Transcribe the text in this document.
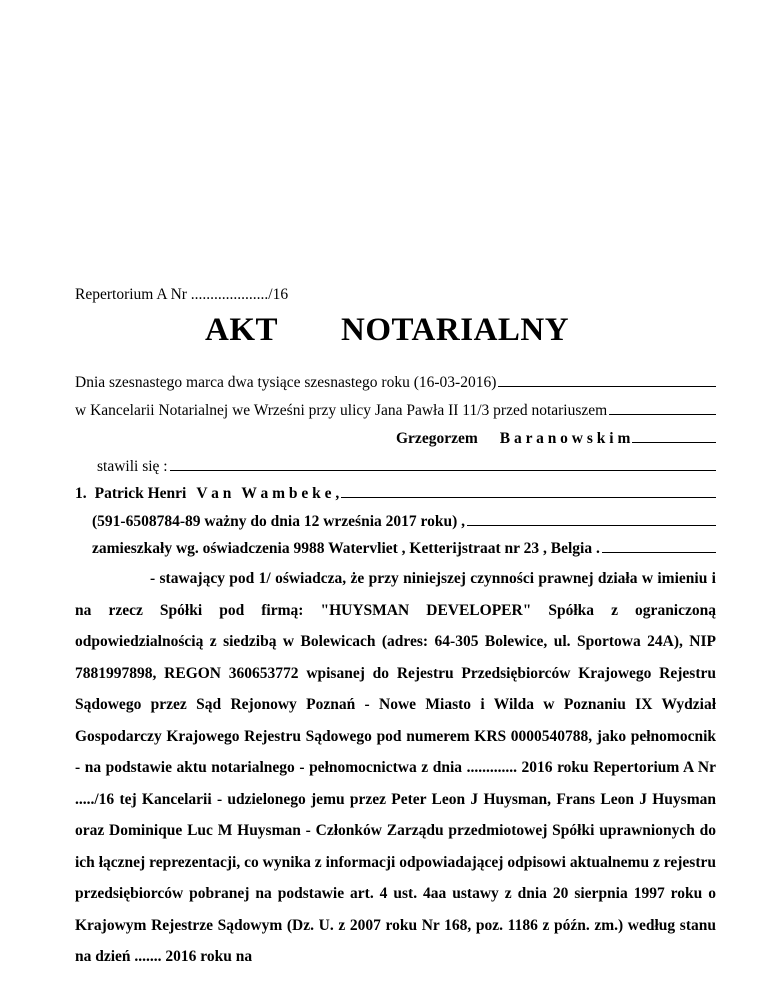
Repertorium A Nr ..................../16
AKT NOTARIALNY
Dnia szesnastego marca dwa tysiące szesnastego roku (16-03-2016)
w Kancelarii Notarialnej we Wrześni przy ulicy Jana Pawła II 11/3 przed notariuszem
Grzegorzem B a r a n o w s k i m
stawili się :
1. Patrick Henri V a n W a m b e k e ,
(591-6508784-89 ważny do dnia 12 września 2017 roku) ,
zamieszkały wg. oświadczenia 9988 Watervliet , Ketterijstraat nr 23 , Belgia .
- stawający pod 1/ oświadcza, że przy niniejszej czynności prawnej działa w imieniu i na rzecz Spółki pod firmą: "HUYSMAN DEVELOPER" Spółka z ograniczoną odpowiedzialnością z siedzibą w Bolewicach (adres: 64-305 Bolewice, ul. Sportowa 24A), NIP 7881997898, REGON 360653772 wpisanej do Rejestru Przedsiębiorców Krajowego Rejestru Sądowego przez Sąd Rejonowy Poznań - Nowe Miasto i Wilda w Poznaniu IX Wydział Gospodarczy Krajowego Rejestru Sądowego pod numerem KRS 0000540788, jako pełnomocnik - na podstawie aktu notarialnego - pełnomocnictwa z dnia ............. 2016 roku Repertorium A Nr ...../16 tej Kancelarii - udzielonego jemu przez Peter Leon J Huysman, Frans Leon J Huysman oraz Dominique Luc M Huysman - Członków Zarządu przedmiotowej Spółki uprawnionych do ich łącznej reprezentacji, co wynika z informacji odpowiadającej odpisowi aktualnemu z rejestru przedsiębiorców pobranej na podstawie art. 4 ust. 4aa ustawy z dnia 20 sierpnia 1997 roku o Krajowym Rejestrze Sądowym (Dz. U. z 2007 roku Nr 168, poz. 1186 z późn. zm.) według stanu na dzień ....... 2016 roku na
